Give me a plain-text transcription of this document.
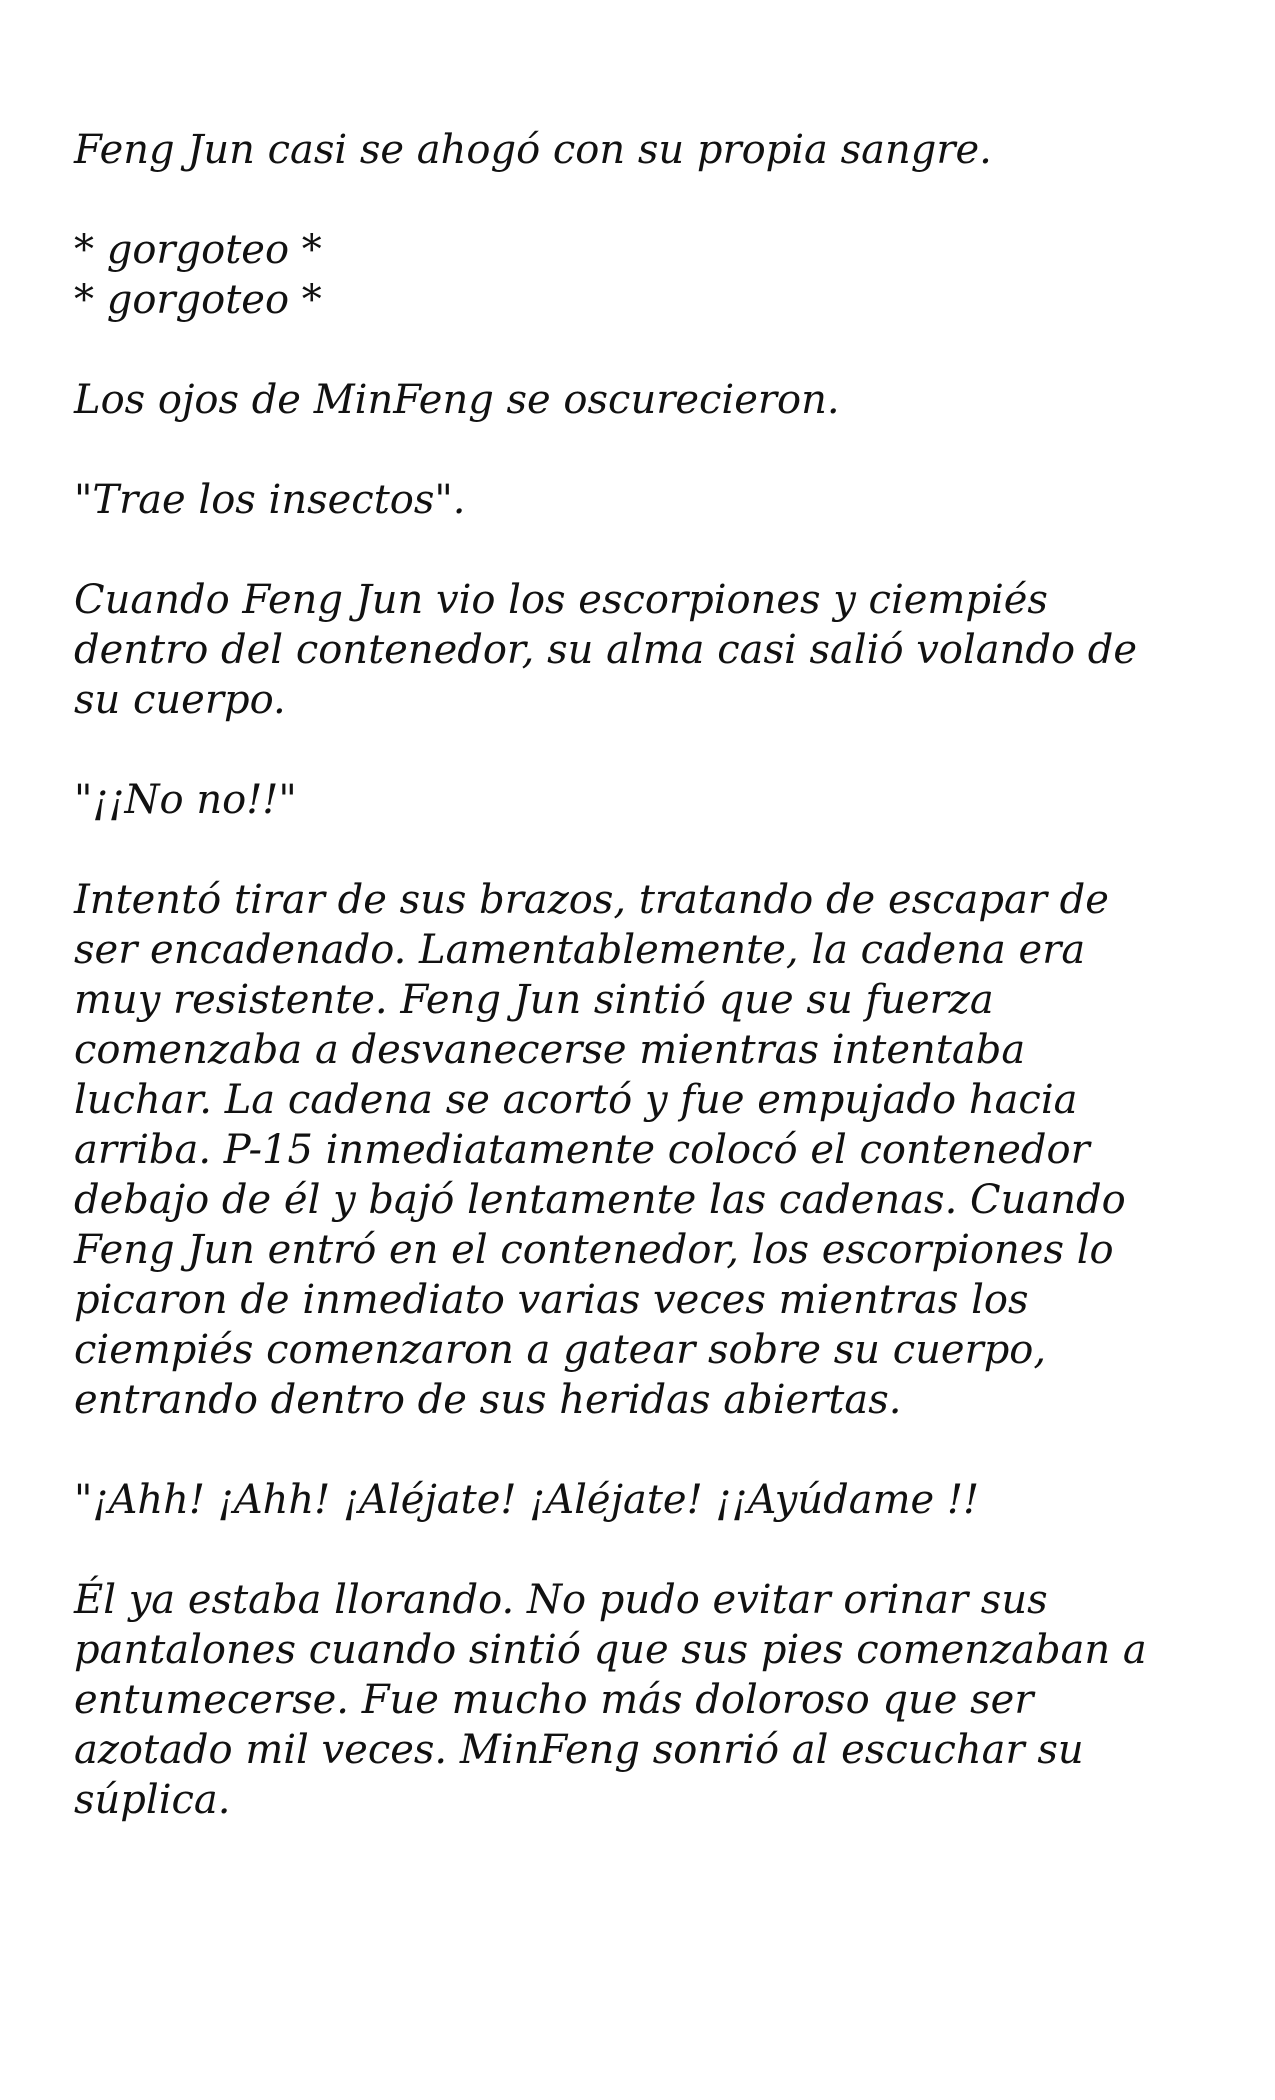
Feng Jun casi se ahogó con su propia sangre.

* gorgoteo *
* gorgoteo *

Los ojos de MinFeng se oscurecieron.

"Trae los insectos".

Cuando Feng Jun vio los escorpiones y ciempiés
dentro del contenedor, su alma casi salió volando de
su cuerpo.

"¡¡No no!!"

Intentó tirar de sus brazos, tratando de escapar de
ser encadenado. Lamentablemente, la cadena era
muy resistente. Feng Jun sintió que su fuerza
comenzaba a desvanecerse mientras intentaba
luchar. La cadena se acortó y fue empujado hacia
arriba. P-15 inmediatamente colocó el contenedor
debajo de él y bajó lentamente las cadenas. Cuando
Feng Jun entró en el contenedor, los escorpiones lo
picaron de inmediato varias veces mientras los
ciempiés comenzaron a gatear sobre su cuerpo,
entrando dentro de sus heridas abiertas.

"¡Ahh! ¡Ahh! ¡Aléjate! ¡Aléjate! ¡¡Ayúdame !!

Él ya estaba llorando. No pudo evitar orinar sus
pantalones cuando sintió que sus pies comenzaban a
entumecerse. Fue mucho más doloroso que ser
azotado mil veces. MinFeng sonrió al escuchar su
súplica.
